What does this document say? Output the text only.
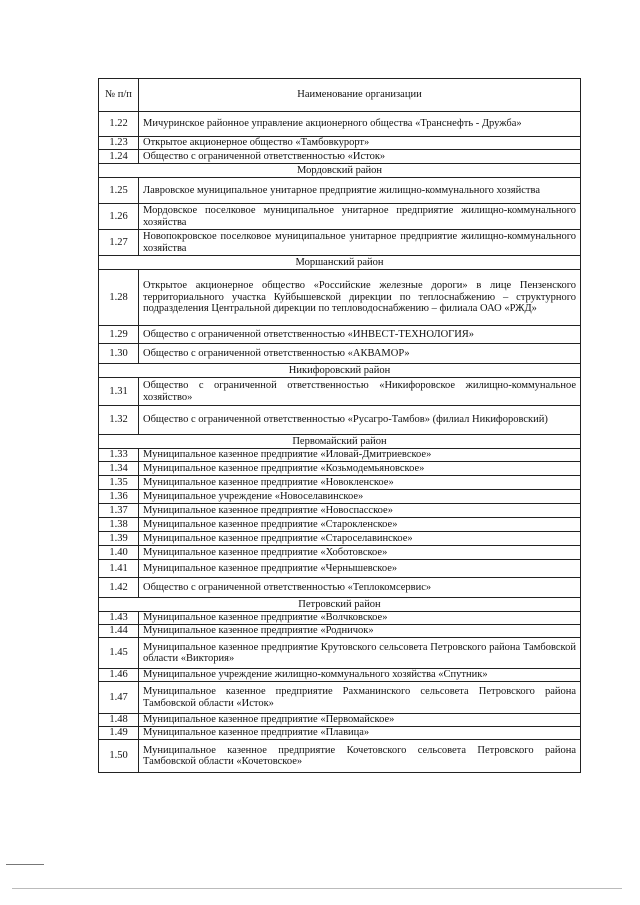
№ п/п	Наименование организации
1.22	Мичуринское районное управление акционерного общества «Транснефть - Дружба»
1.23	Открытое акционерное общество «Тамбовкурорт»
1.24	Общество с ограниченной ответственностью «Исток»
Мордовский район	
1.25	Лавровское муниципальное унитарное предприятие жилищно-коммунального хозяйства
1.26	Мордовское поселковое муниципальное унитарное предприятие жилищно-коммунального хозяйства
1.27	Новопокровское поселковое муниципальное унитарное предприятие жилищно-коммунального хозяйства
Моршанский район	
1.28	Открытое акционерное общество «Российские железные дороги» в лице Пензенского территориального участка Куйбышевской дирекции по теплоснабжению – структурного подразделения Центральной дирекции по тепловодоснабжению – филиала ОАО «РЖД»
1.29	Общество с ограниченной ответственностью «ИНВЕСТ-ТЕХНОЛОГИЯ»
1.30	Общество с ограниченной ответственностью «АКВАМОР»
Никифоровский район	
1.31	Общество с ограниченной ответственностью «Никифоровское жилищно-коммунальное хозяйство»
1.32	Общество с ограниченной ответственностью «Русагро-Тамбов» (филиал Никифоровский)
Первомайский район	
1.33	Муниципальное казенное предприятие «Иловай-Дмитриевское»
1.34	Муниципальное казенное предприятие «Козьмодемьяновское»
1.35	Муниципальное казенное предприятие «Новокленское»
1.36	Муниципальное учреждение «Новоселавинское»
1.37	Муниципальное казенное предприятие «Новоспасское»
1.38	Муниципальное казенное предприятие «Старокленское»
1.39	Муниципальное казенное предприятие «Староселавинское»
1.40	Муниципальное казенное предприятие «Хоботовское»
1.41	Муниципальное казенное предприятие «Чернышевское»
1.42	Общество с ограниченной ответственностью «Теплокомсервис»
Петровский район	
1.43	Муниципальное казенное предприятие «Волчковское»
1.44	Муниципальное казенное предприятие «Родничок»
1.45	Муниципальное казенное предприятие Крутовского сельсовета Петровского района Тамбовской области «Виктория»
1.46	Муниципальное учреждение жилищно-коммунального хозяйства «Спутник»
1.47	Муниципальное казенное предприятие Рахманинского сельсовета Петровского района Тамбовской области «Исток»
1.48	Муниципальное казенное предприятие «Первомайское»
1.49	Муниципальное казенное предприятие «Плавица»
1.50	Муниципальное казенное предприятие Кочетовского сельсовета Петровского района Тамбовской области «Кочетовское»
